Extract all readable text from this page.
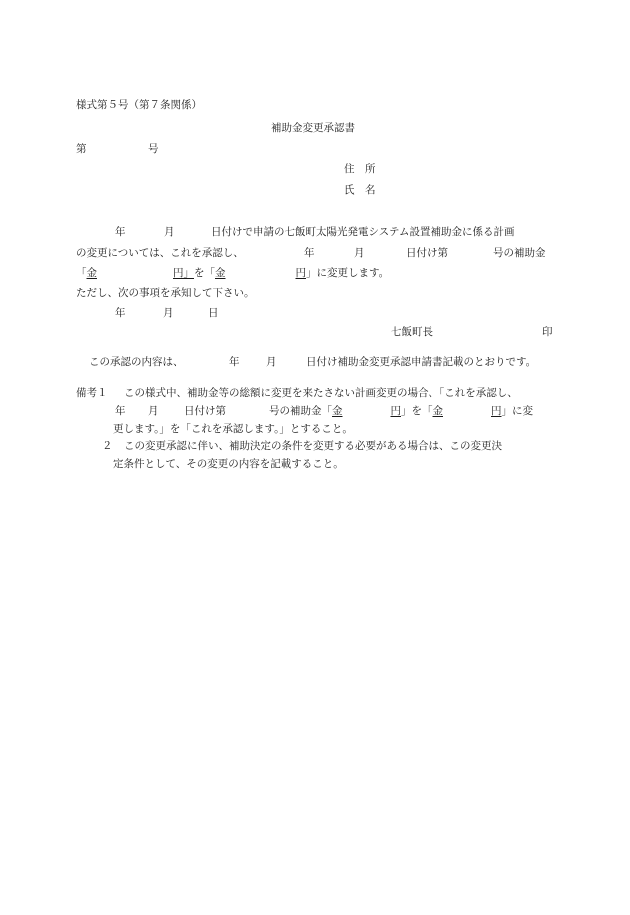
様式第５号（第７条関係）
補助金変更承認書
第	号
住　所
氏　名
年	月	日付けで申請の七飯町太陽光発電システム設置補助金に係る計画
の変更については、これを承認し、	年	月	日付け第	号の補助金
「金	円」を「金	円」に変更します。
ただし、次の事項を承知して下さい。
年	月	日
七飯町長	印
この承認の内容は、	年	月	日付け補助金変更承認申請書記載のとおりです。
備考１ この様式中、補助金等の総額に変更を来たさない計画変更の場合､「これを承認し、
年 月 日付け第	号の補助金「金	円」を「金	円」に変
更します。」を「これを承認します。」とすること。
２ この変更承認に伴い、補助決定の条件を変更する必要がある場合は、この変更決
定条件として、その変更の内容を記載すること。
